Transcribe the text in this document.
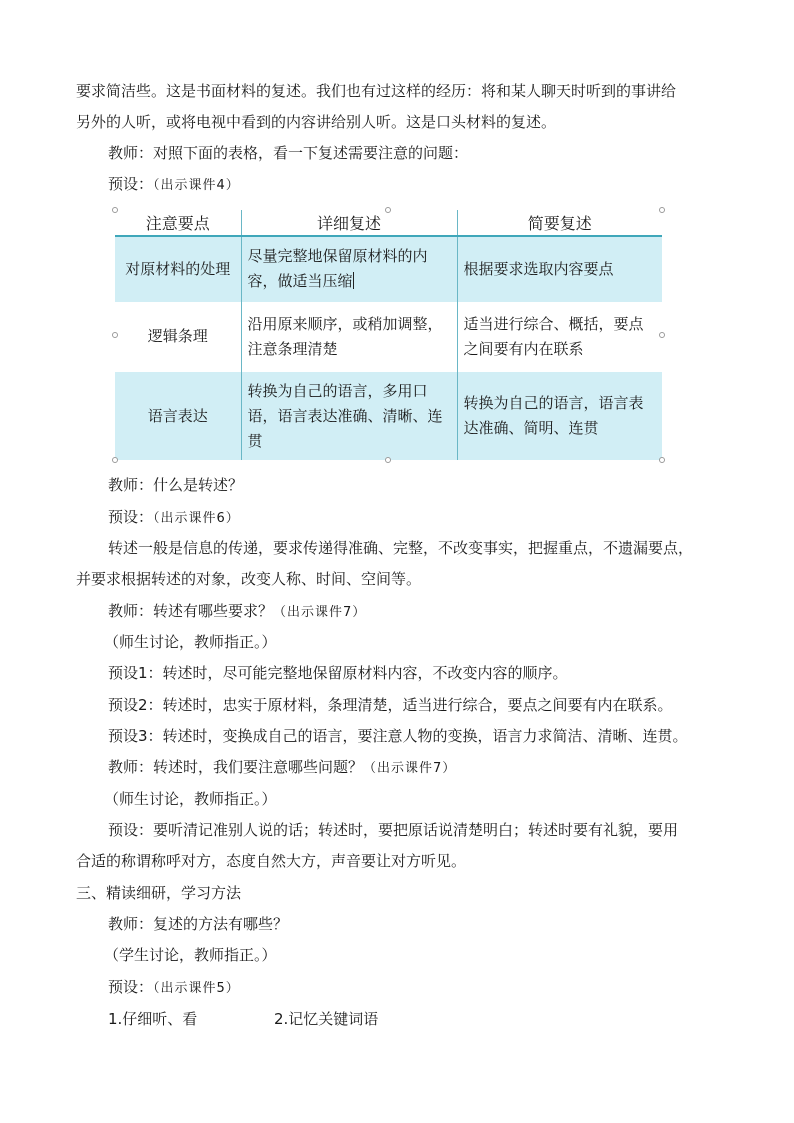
要求简洁些。这是书面材料的复述。我们也有过这样的经历：将和某人聊天时听到的事讲给
另外的人听，或将电视中看到的内容讲给别人听。这是口头材料的复述。
教师：对照下面的表格，看一下复述需要注意的问题：
预设：（出示课件4）
注意要点	详细复述	简要复述
对原材料的处理	尽量完整地保留原材料的内容，做适当压缩	根据要求选取内容要点
逻辑条理	沿用原来顺序，或稍加调整，注意条理清楚	适当进行综合、概括，要点之间要有内在联系
语言表达	转换为自己的语言，多用口语，语言表达准确、清晰、连贯	转换为自己的语言，语言表达准确、简明、连贯
教师：什么是转述？
预设：（出示课件6）
转述一般是信息的传递，要求传递得准确、完整，不改变事实，把握重点，不遗漏要点，
并要求根据转述的对象，改变人称、时间、空间等。
教师：转述有哪些要求？（出示课件7）
（师生讨论，教师指正。）
预设1：转述时，尽可能完整地保留原材料内容，不改变内容的顺序。
预设2：转述时，忠实于原材料，条理清楚，适当进行综合，要点之间要有内在联系。
预设3：转述时，变换成自己的语言，要注意人物的变换，语言力求简洁、清晰、连贯。
教师：转述时，我们要注意哪些问题？（出示课件7）
（师生讨论，教师指正。）
预设：要听清记准别人说的话；转述时，要把原话说清楚明白；转述时要有礼貌，要用
合适的称谓称呼对方，态度自然大方，声音要让对方听见。
三、精读细研，学习方法
教师：复述的方法有哪些？
（学生讨论，教师指正。）
预设：（出示课件5）
1.仔细听、看	2.记忆关键词语
